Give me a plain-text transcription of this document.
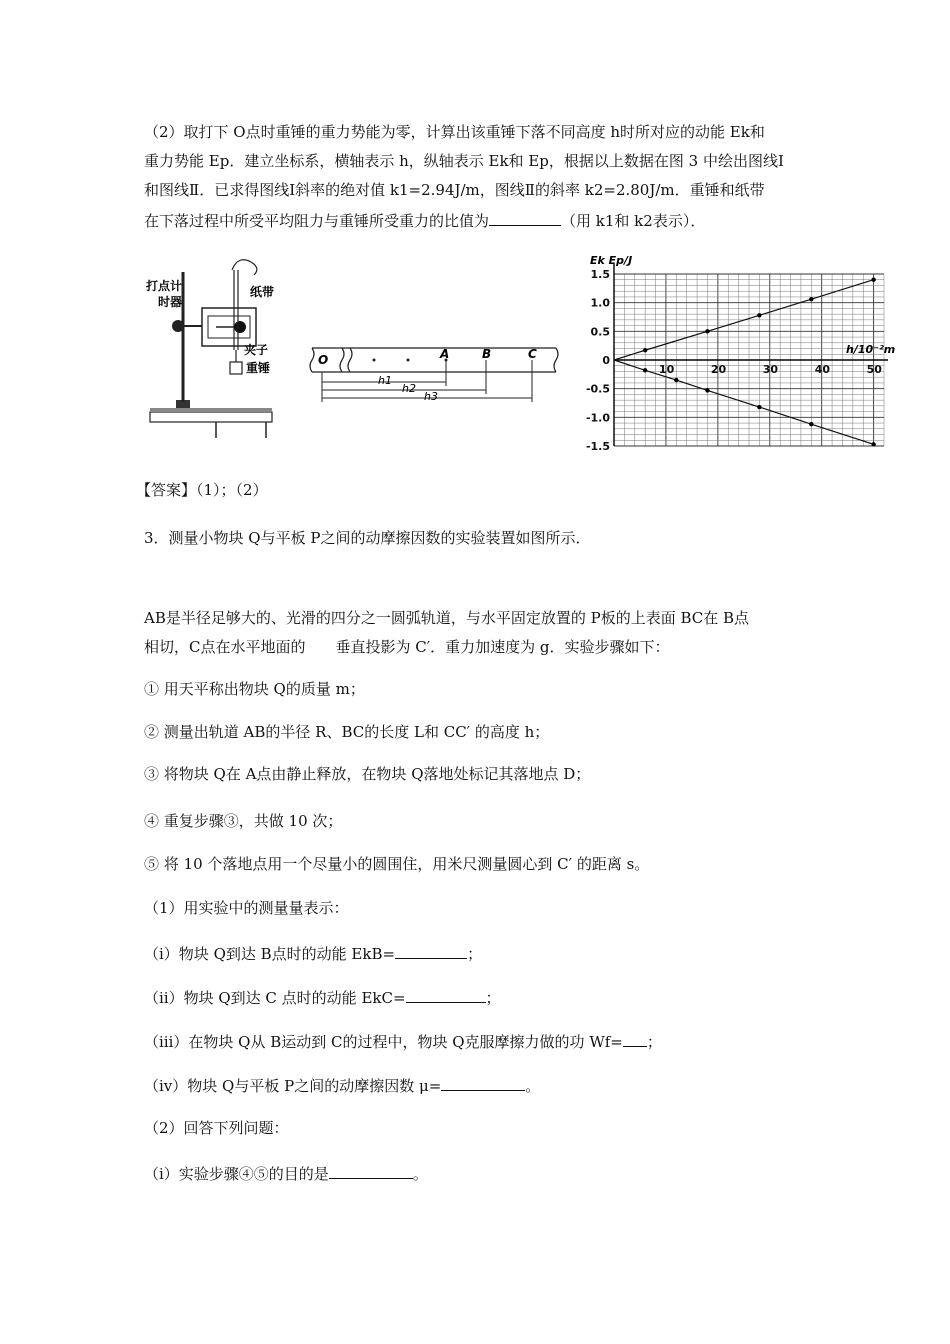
（2）取打下 O点时重锤的重力势能为零，计算出该重锤下落不同高度 h时所对应的动能 Ek和
重力势能 Ep．建立坐标系，横轴表示 h，纵轴表示 Ek和 Ep，根据以上数据在图 3 中绘出图线Ⅰ
和图线Ⅱ．已求得图线Ⅰ斜率的绝对值 k1=2.94J/m，图线Ⅱ的斜率 k2=2.80J/m．重锤和纸带
在下落过程中所受平均阻力与重锤所受重力的比值为	（用 k1和 k2表示）．
打点计
时器
纸带
夹子
重锤
O	A	B	C
h1
h2
h3
10	20	30	40	50
1.5
1.0
0.5
0
-0.5
-1.0
-1.5
Ek Ep/J
h/10⁻²m
【答案】（1）；（2）
3．测量小物块 Q与平板 P之间的动摩擦因数的实验装置如图所示．
AB是半径足够大的、光滑的四分之一圆弧轨道，与水平固定放置的 P板的上表面 BC在 B点
相切，C点在水平地面的　　垂直投影为 C′．重力加速度为 g．实验步骤如下：
① 用天平称出物块 Q的质量 m；
② 测量出轨道 AB的半径 R、BC的长度 L和 CC′ 的高度 h；
③ 将物块 Q在 A点由静止释放，在物块 Q落地处标记其落地点 D；
④ 重复步骤③，共做 10 次；
⑤ 将 10 个落地点用一个尽量小的圆围住，用米尺测量圆心到 C′ 的距离 s。
（1）用实验中的测量量表示：
（ⅰ）物块 Q到达 B点时的动能 EkB=	；
（ⅱ）物块 Q到达 C 点时的动能 EkC=	；
（ⅲ）在物块 Q从 B运动到 C的过程中，物块 Q克服摩擦力做的功 Wf= ；
（ⅳ）物块 Q与平板 P之间的动摩擦因数 μ=	。
（2）回答下列问题：
（ⅰ）实验步骤④⑤的目的是	。
